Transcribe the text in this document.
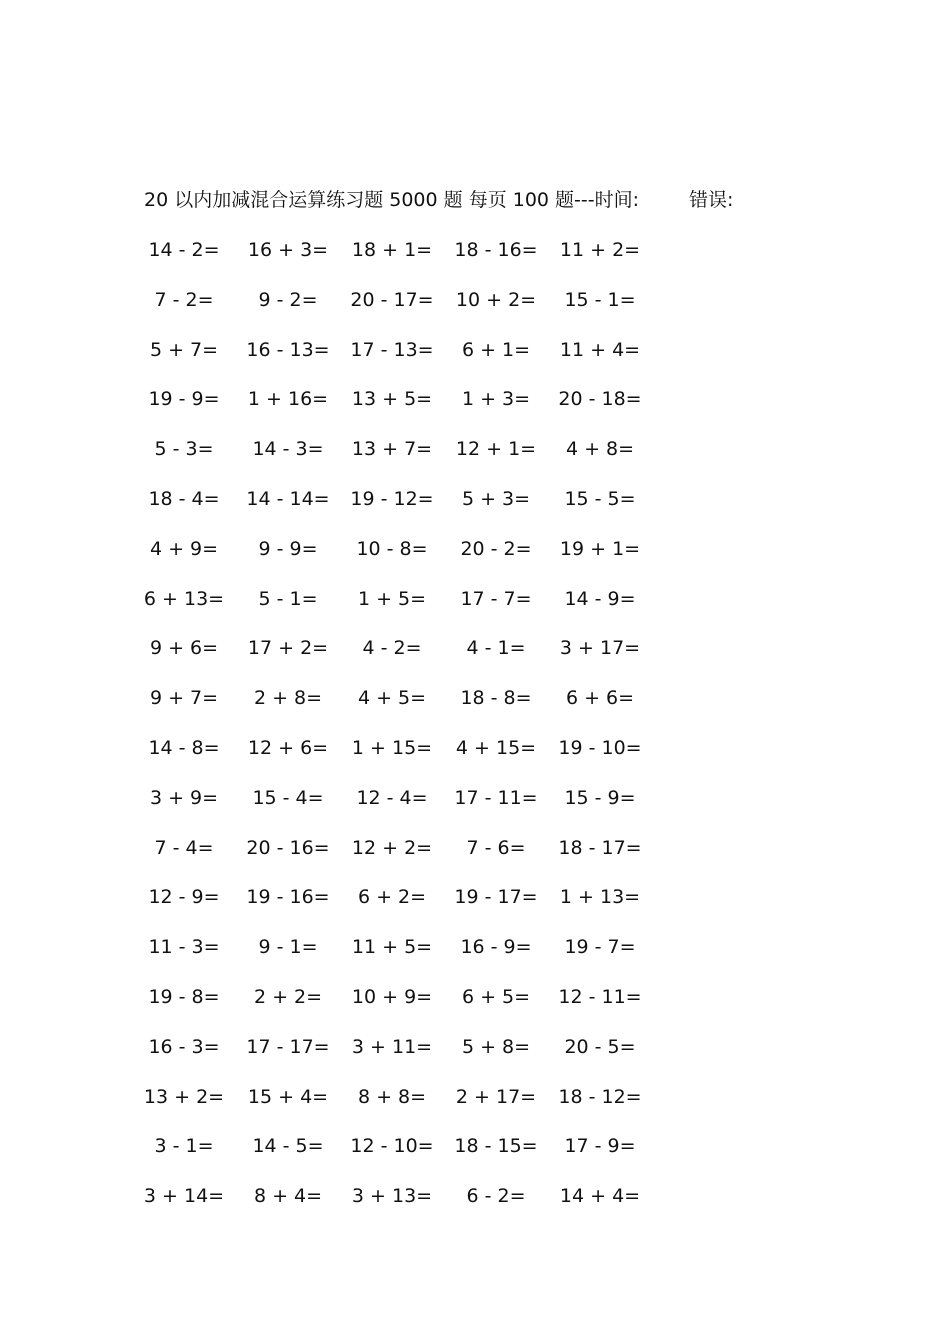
20 以内加减混合运算练习题 5000 题 每页 100 题---时间:	错误:
14 - 2=	16 + 3=	18 + 1=	18 - 16=	11 + 2=
7 - 2=	9 - 2=	20 - 17=	10 + 2=	15 - 1=
5 + 7=	16 - 13=	17 - 13=	6 + 1=	11 + 4=
19 - 9=	1 + 16=	13 + 5=	1 + 3=	20 - 18=
5 - 3=	14 - 3=	13 + 7=	12 + 1=	4 + 8=
18 - 4=	14 - 14=	19 - 12=	5 + 3=	15 - 5=
4 + 9=	9 - 9=	10 - 8=	20 - 2=	19 + 1=
6 + 13=	5 - 1=	1 + 5=	17 - 7=	14 - 9=
9 + 6=	17 + 2=	4 - 2=	4 - 1=	3 + 17=
9 + 7=	2 + 8=	4 + 5=	18 - 8=	6 + 6=
14 - 8=	12 + 6=	1 + 15=	4 + 15=	19 - 10=
3 + 9=	15 - 4=	12 - 4=	17 - 11=	15 - 9=
7 - 4=	20 - 16=	12 + 2=	7 - 6=	18 - 17=
12 - 9=	19 - 16=	6 + 2=	19 - 17=	1 + 13=
11 - 3=	9 - 1=	11 + 5=	16 - 9=	19 - 7=
19 - 8=	2 + 2=	10 + 9=	6 + 5=	12 - 11=
16 - 3=	17 - 17=	3 + 11=	5 + 8=	20 - 5=
13 + 2=	15 + 4=	8 + 8=	2 + 17=	18 - 12=
3 - 1=	14 - 5=	12 - 10=	18 - 15=	17 - 9=
3 + 14=	8 + 4=	3 + 13=	6 - 2=	14 + 4=
